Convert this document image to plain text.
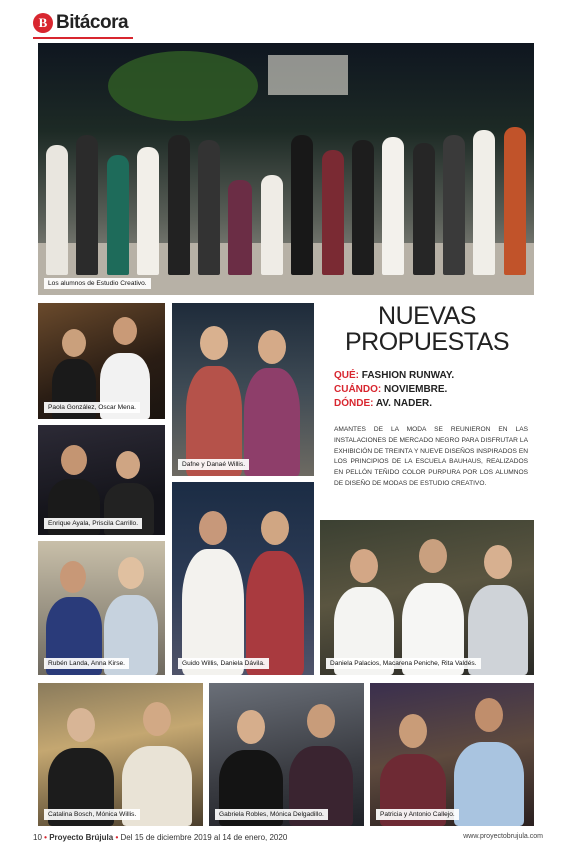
B Bitácora
Los alumnos de Estudio Creativo.
Paola González, Oscar Mena.
Dafne y Danaé Willis.
NUEVAS
PROPUESTAS
QUÉ: FASHION RUNWAY.
CUÁNDO: NOVIEMBRE.
DÓNDE: AV. NADER.
AMANTES DE LA MODA SE REUNIERON EN LAS INSTALACIONES DE MERCADO NEGRO PARA DISFRUTAR LA EXHIBICIÓN DE TREINTA Y NUEVE DISEÑOS INSPIRADOS EN LOS PRINCIPIOS DE LA ESCUELA BAUHAUS, REALIZADOS EN PELLÓN TEÑIDO COLOR PURPURA POR LOS ALUMNOS DE DISEÑO DE MODAS DE ESTUDIO CREATIVO.
Enrique Ayala, Priscila Carrillo.
Guido Willis, Daniela Dávila.
Rubén Landa, Anna Kirse.	Daniela Palacios, Macarena Peniche, Rita Valdés.
Catalina Bosch, Mónica Willis.	Gabriela Robles, Mónica Delgadillo.	Patricia y Antonio Callejo.
10 • Proyecto Brújula • Del 15 de diciembre 2019 al 14 de enero, 2020	www.proyectobrujula.com
